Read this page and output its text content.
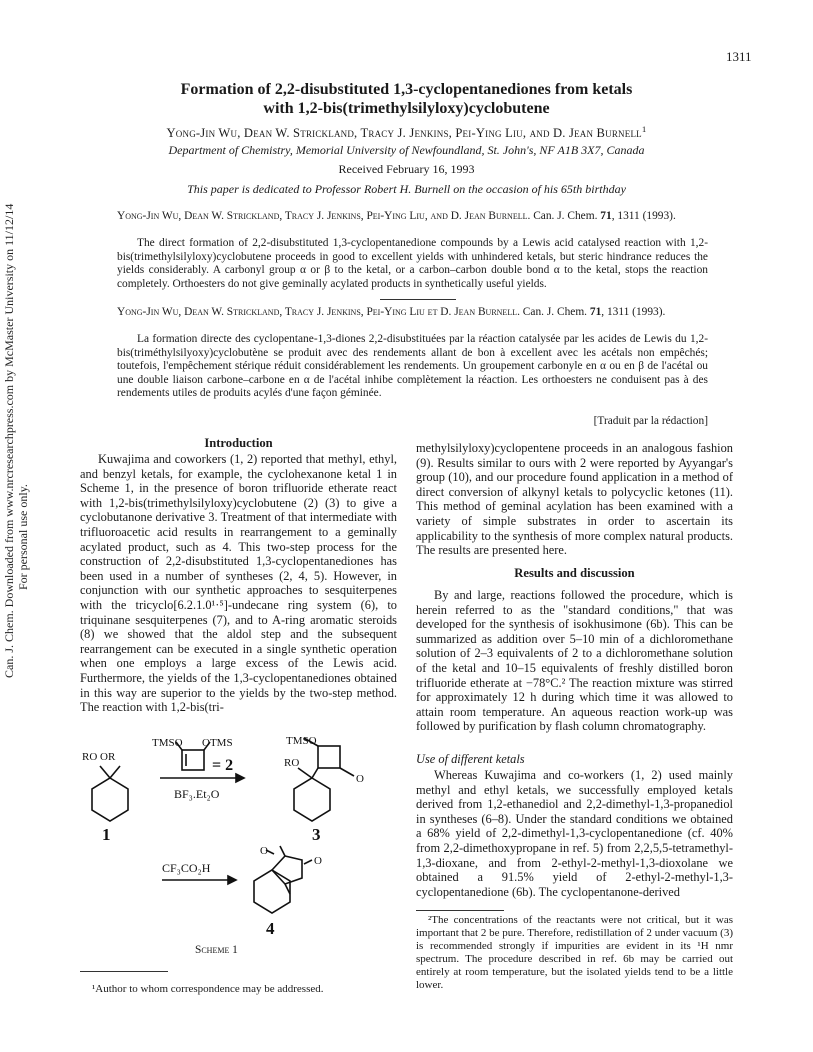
Can. J. Chem. Downloaded from www.nrcresearchpress.com by McMaster University on 11/12/14 For personal use only.
1311
Formation of 2,2-disubstituted 1,3-cyclopentanediones from ketals
with 1,2-bis(trimethylsilyloxy)cyclobutene
Yong-Jin Wu, Dean W. Strickland, Tracy J. Jenkins, Pei-Ying Liu, and D. Jean Burnell$^1$
Department of Chemistry, Memorial University of Newfoundland, St. John's, NF A1B 3X7, Canada
Received February 16, 1993
This paper is dedicated to Professor Robert H. Burnell on the occasion of his 65th birthday
Yong-Jin Wu, Dean W. Strickland, Tracy J. Jenkins, Pei-Ying Liu, and D. Jean Burnell. Can. J. Chem. 71, 1311 (1993).
The direct formation of 2,2-disubstituted 1,3-cyclopentanedione compounds by a Lewis acid catalysed reaction with 1,2-bis(trimethylsilyloxy)cyclobutene proceeds in good to excellent yields with unhindered ketals, but steric hindrance reduces the yields considerably. A carbonyl group α or β to the ketal, or a carbon–carbon double bond α to the ketal, stops the reaction completely. Orthoesters do not give geminally acylated products in synthetically useful yields.
Yong-Jin Wu, Dean W. Strickland, Tracy J. Jenkins, Pei-Ying Liu et D. Jean Burnell. Can. J. Chem. 71, 1311 (1993).
La formation directe des cyclopentane-1,3-diones 2,2-disubstituées par la réaction catalysée par les acides de Lewis du 1,2-bis(triméthylsilyoxy)cyclobutène se produit avec des rendements allant de bon à excellent avec les acétals non empêchés; toutefois, l'empêchement stérique réduit considérablement les rendements. Un groupement carbonyle en α ou en β de l'acétal ou une double liaison carbone–carbone en α de l'acétal inhibe complètement la réaction. Les orthoesters ne conduisent pas à des rendements utiles de produits acylés d'une façon géminée.
[Traduit par la rédaction]
Introduction
Kuwajima and coworkers (1, 2) reported that methyl, ethyl, and benzyl ketals, for example, the cyclohexanone ketal 1 in Scheme 1, in the presence of boron trifluoride etherate react with 1,2-bis(trimethylsilyloxy)cyclobutene (2) (3) to give a cyclobutanone derivative 3. Treatment of that intermediate with trifluoroacetic acid results in rearrangement to a geminally acylated product, such as 4. This two-step process for the construction of 2,2-disubstituted 1,3-cyclopentanediones has been used in a number of syntheses (2, 4, 5). However, in conjunction with our synthetic approaches to sesquiterpenes with the tricyclo[6.2.1.0¹·⁵]-undecane ring system (6), to triquinane sesquiterpenes (7), and to A-ring aromatic steroids (8) we showed that the aldol step and the subsequent rearrangement can be executed in a single synthetic operation when one employs a large excess of the Lewis acid. Furthermore, the yields of the 1,3-cyclopentanediones obtained in this way are superior to the yields by the two-step method. The reaction with 1,2-bis(tri-
RO OR
TMSO OTMS
= 2
BF₃.Et₂O
1
TMSO
RO
O
3
CF₃CO₂H
O
O
4
Scheme 1
¹Author to whom correspondence may be addressed.
methylsilyloxy)cyclopentene proceeds in an analogous fashion (9). Results similar to ours with 2 were reported by Ayyangar's group (10), and our procedure found application in a method of direct conversion of alkynyl ketals to polycyclic ketones (11). This method of geminal acylation has been examined with a variety of simple substrates in order to ascertain its applicability to the synthesis of more complex natural products. The results are presented here.
Results and discussion
By and large, reactions followed the procedure, which is herein referred to as the "standard conditions," that was developed for the synthesis of isokhusimone (6b). This can be summarized as addition over 5–10 min of a dichloromethane solution of 2–3 equivalents of 2 to a dichloromethane solution of the ketal and 10–15 equivalents of freshly distilled boron trifluoride etherate at −78°C.² The reaction mixture was stirred for approximately 12 h during which time it was allowed to attain room temperature. An aqueous reaction work-up was followed by purification by flash column chromatography.
Use of different ketals
Whereas Kuwajima and co-workers (1, 2) used mainly methyl and ethyl ketals, we successfully employed ketals derived from 1,2-ethanediol and 2,2-dimethyl-1,3-propanediol in syntheses (6–8). Under the standard conditions we obtained a 68% yield of 2,2-dimethyl-1,3-cyclopentanedione (cf. 40% from 2,2-dimethoxypropane in ref. 5) from 2,2,5,5-tetramethyl-1,3-dioxane, and from 2-ethyl-2-methyl-1,3-dioxolane we obtained a 91.5% yield of 2-ethyl-2-methyl-1,3-cyclopentanedione (6b). The cyclopentanone-derived
²The concentrations of the reactants were not critical, but it was important that 2 be pure. Therefore, redistillation of 2 under vacuum (3) is recommended strongly if impurities are evident in its ¹H nmr spectrum. The procedure described in ref. 6b may be carried out entirely at room temperature, but the isolated yields tend to be a little lower.
